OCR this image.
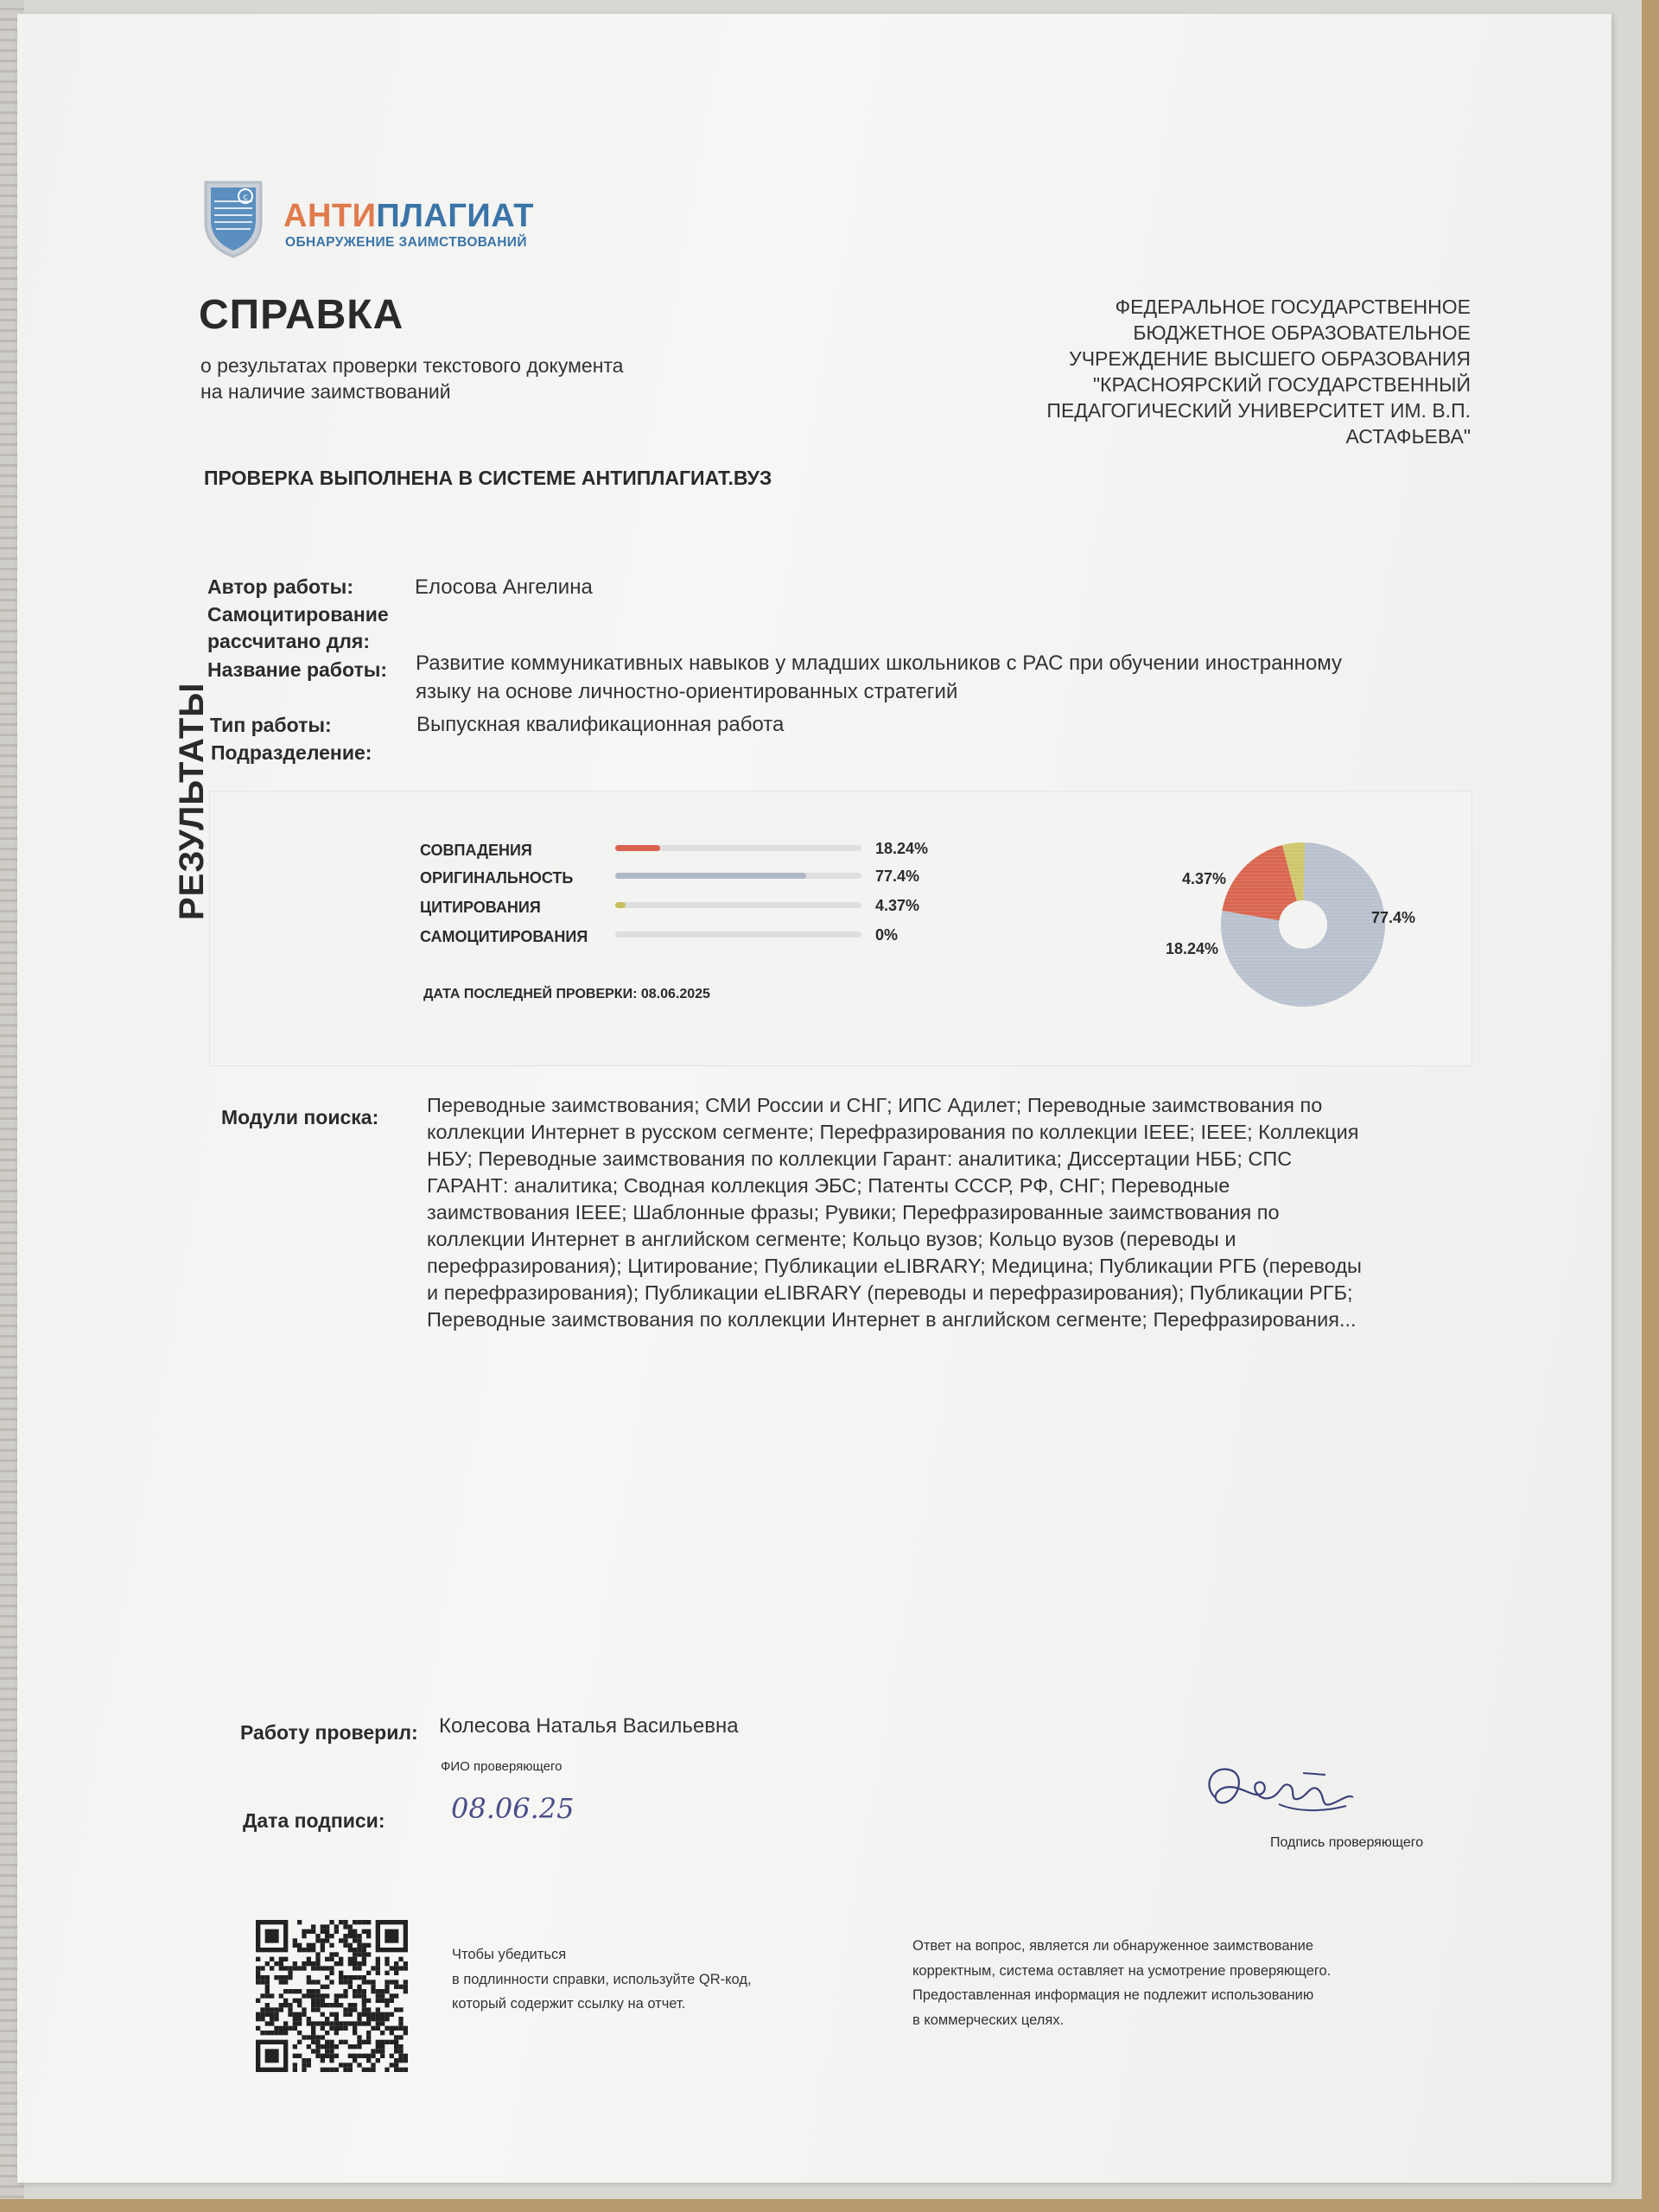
c
АНТИПЛАГИАТ
ОБНАРУЖЕНИЕ ЗАИМСТВОВАНИЙ
СПРАВКА
о результатах проверки текстового документа
на наличие заимствований
ФЕДЕРАЛЬНОЕ ГОСУДАРСТВЕННОЕ
БЮДЖЕТНОЕ ОБРАЗОВАТЕЛЬНОЕ
УЧРЕЖДЕНИЕ ВЫСШЕГО ОБРАЗОВАНИЯ
"КРАСНОЯРСКИЙ ГОСУДАРСТВЕННЫЙ
ПЕДАГОГИЧЕСКИЙ УНИВЕРСИТЕТ ИМ. В.П.
АСТАФЬЕВА"
ПРОВЕРКА ВЫПОЛНЕНА В СИСТЕМЕ АНТИПЛАГИАТ.ВУЗ
Автор работы:	Елосова Ангелина
Самоцитирование
рассчитано для:
Название работы:	Развитие коммуникативных навыков у младших школьников с РАС при обучении иностранному
языку на основе личностно-ориентированных стратегий
Тип работы:	Выпускная квалификационная работа
Подразделение:
РЕЗУЛЬТАТЫ	СОВПАДЕНИЯ	18.24%
ОРИГИНАЛЬНОСТЬ	77.4%
ЦИТИРОВАНИЯ	4.37%
САМОЦИТИРОВАНИЯ	0%
ДАТА ПОСЛЕДНЕЙ ПРОВЕРКИ: 08.06.2025
77.4%
18.24%
4.37%
Модули поиска:
Переводные заимствования; СМИ России и СНГ; ИПС Адилет; Переводные заимствования по
коллекции Интернет в русском сегменте; Перефразирования по коллекции IEEE; IEEE; Коллекция
НБУ; Переводные заимствования по коллекции Гарант: аналитика; Диссертации НББ; СПС
ГАРАНТ: аналитика; Сводная коллекция ЭБС; Патенты СССР, РФ, СНГ; Переводные
заимствования IEEE; Шаблонные фразы; Рувики; Перефразированные заимствования по
коллекции Интернет в английском сегменте; Кольцо вузов; Кольцо вузов (переводы и
перефразирования); Цитирование; Публикации eLIBRARY; Медицина; Публикации РГБ (переводы
и перефразирования); Публикации eLIBRARY (переводы и перефразирования); Публикации РГБ;
Переводные заимствования по коллекции Интернет в английском сегменте; Перефразирования...
Работу проверил:	Колесова Наталья Васильевна
ФИО проверяющего
Дата подписи:	08.06.25
Подпись проверяющего
Чтобы убедиться
в подлинности справки, используйте QR-код,
который содержит ссылку на отчет.
Ответ на вопрос, является ли обнаруженное заимствование
корректным, система оставляет на усмотрение проверяющего.
Предоставленная информация не подлежит использованию
в коммерческих целях.
